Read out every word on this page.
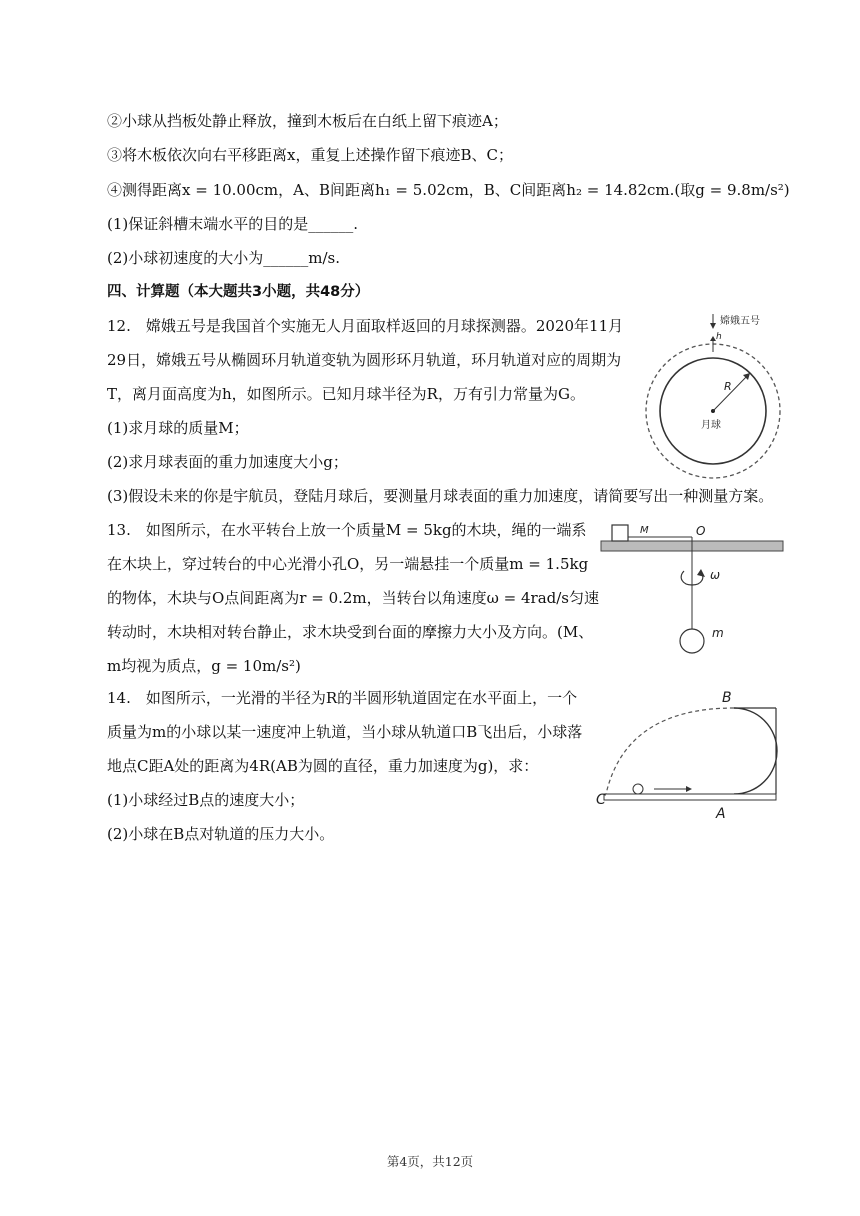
②小球从挡板处静止释放，撞到木板后在白纸上留下痕迹A；
③将木板依次向右平移距离x，重复上述操作留下痕迹B、C；
④测得距离x = 10.00cm，A、B间距离h₁ = 5.02cm，B、C间距离h₂ = 14.82cm.(取g = 9.8m/s²)
(1)保证斜槽末端水平的目的是______.
(2)小球初速度的大小为______m/s.
四、计算题（本大题共3小题，共48分）
12.　嫦娥五号是我国首个实施无人月面取样返回的月球探测器。2020年11月
29日，嫦娥五号从椭圆环月轨道变轨为圆形环月轨道，环月轨道对应的周期为
T，离月面高度为h，如图所示。已知月球半径为R，万有引力常量为G。
(1)求月球的质量M；
(2)求月球表面的重力加速度大小g；
(3)假设未来的你是宇航员，登陆月球后，要测量月球表面的重力加速度，请简要写出一种测量方案。
嫦娥五号
h
R
月球
13.　如图所示，在水平转台上放一个质量M = 5kg的木块，绳的一端系
在木块上，穿过转台的中心光滑小孔O，另一端悬挂一个质量m = 1.5kg
的物体，木块与O点间距离为r = 0.2m，当转台以角速度ω = 4rad/s匀速
转动时，木块相对转台静止，求木块受到台面的摩擦力大小及方向。(M、
m均视为质点，g = 10m/s²)
M	O
ω
m
14.　如图所示，一光滑的半径为R的半圆形轨道固定在水平面上，一个
质量为m的小球以某一速度冲上轨道，当小球从轨道口B飞出后，小球落
地点C距A处的距离为4R(AB为圆的直径，重力加速度为g)，求：
(1)小球经过B点的速度大小；
(2)小球在B点对轨道的压力大小。
B
C
A
第4页，共12页
